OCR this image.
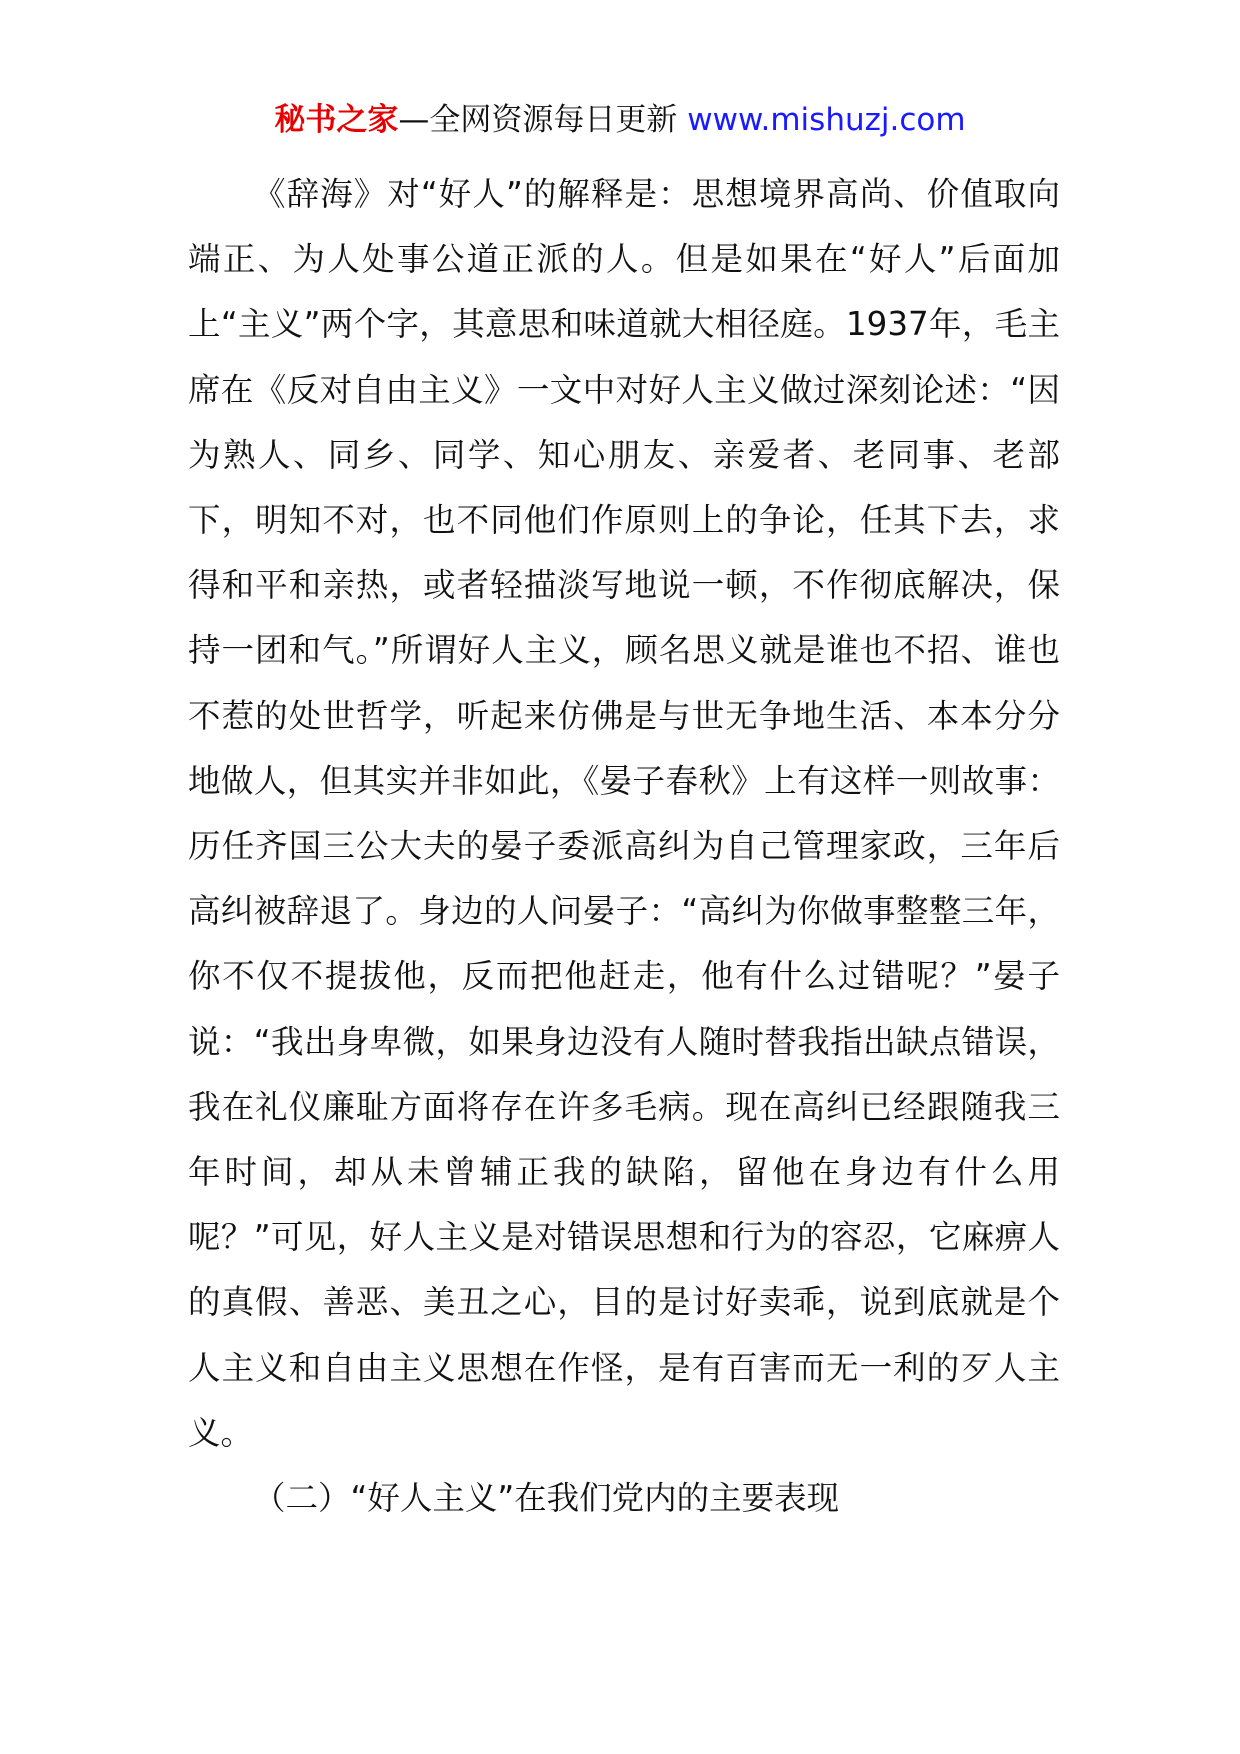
秘书之家—全网资源每日更新 www.mishuzj.com

《辞海》对“好人”的解释是：思想境界高尚、价值取向端正、为人处事公道正派的人。但是如果在“好人”后面加上“主义”两个字，其意思和味道就大相径庭。1937年，毛主席在《反对自由主义》一文中对好人主义做过深刻论述：“因为熟人、同乡、同学、知心朋友、亲爱者、老同事、老部下，明知不对，也不同他们作原则上的争论，任其下去，求得和平和亲热，或者轻描淡写地说一顿，不作彻底解决，保持一团和气。”所谓好人主义，顾名思义就是谁也不招、谁也不惹的处世哲学，听起来仿佛是与世无争地生活、本本分分地做人，但其实并非如此，《晏子春秋》上有这样一则故事：历任齐国三公大夫的晏子委派高纠为自己管理家政，三年后高纠被辞退了。身边的人问晏子：“高纠为你做事整整三年，你不仅不提拔他，反而把他赶走，他有什么过错呢？”晏子说：“我出身卑微，如果身边没有人随时替我指出缺点错误，我在礼仪廉耻方面将存在许多毛病。现在高纠已经跟随我三年时间，却从未曾辅正我的缺陷，留他在身边有什么用呢？”可见，好人主义是对错误思想和行为的容忍，它麻痹人的真假、善恶、美丑之心，目的是讨好卖乖，说到底就是个人主义和自由主义思想在作怪，是有百害而无一利的歹人主义。

（二）“好人主义”在我们党内的主要表现
